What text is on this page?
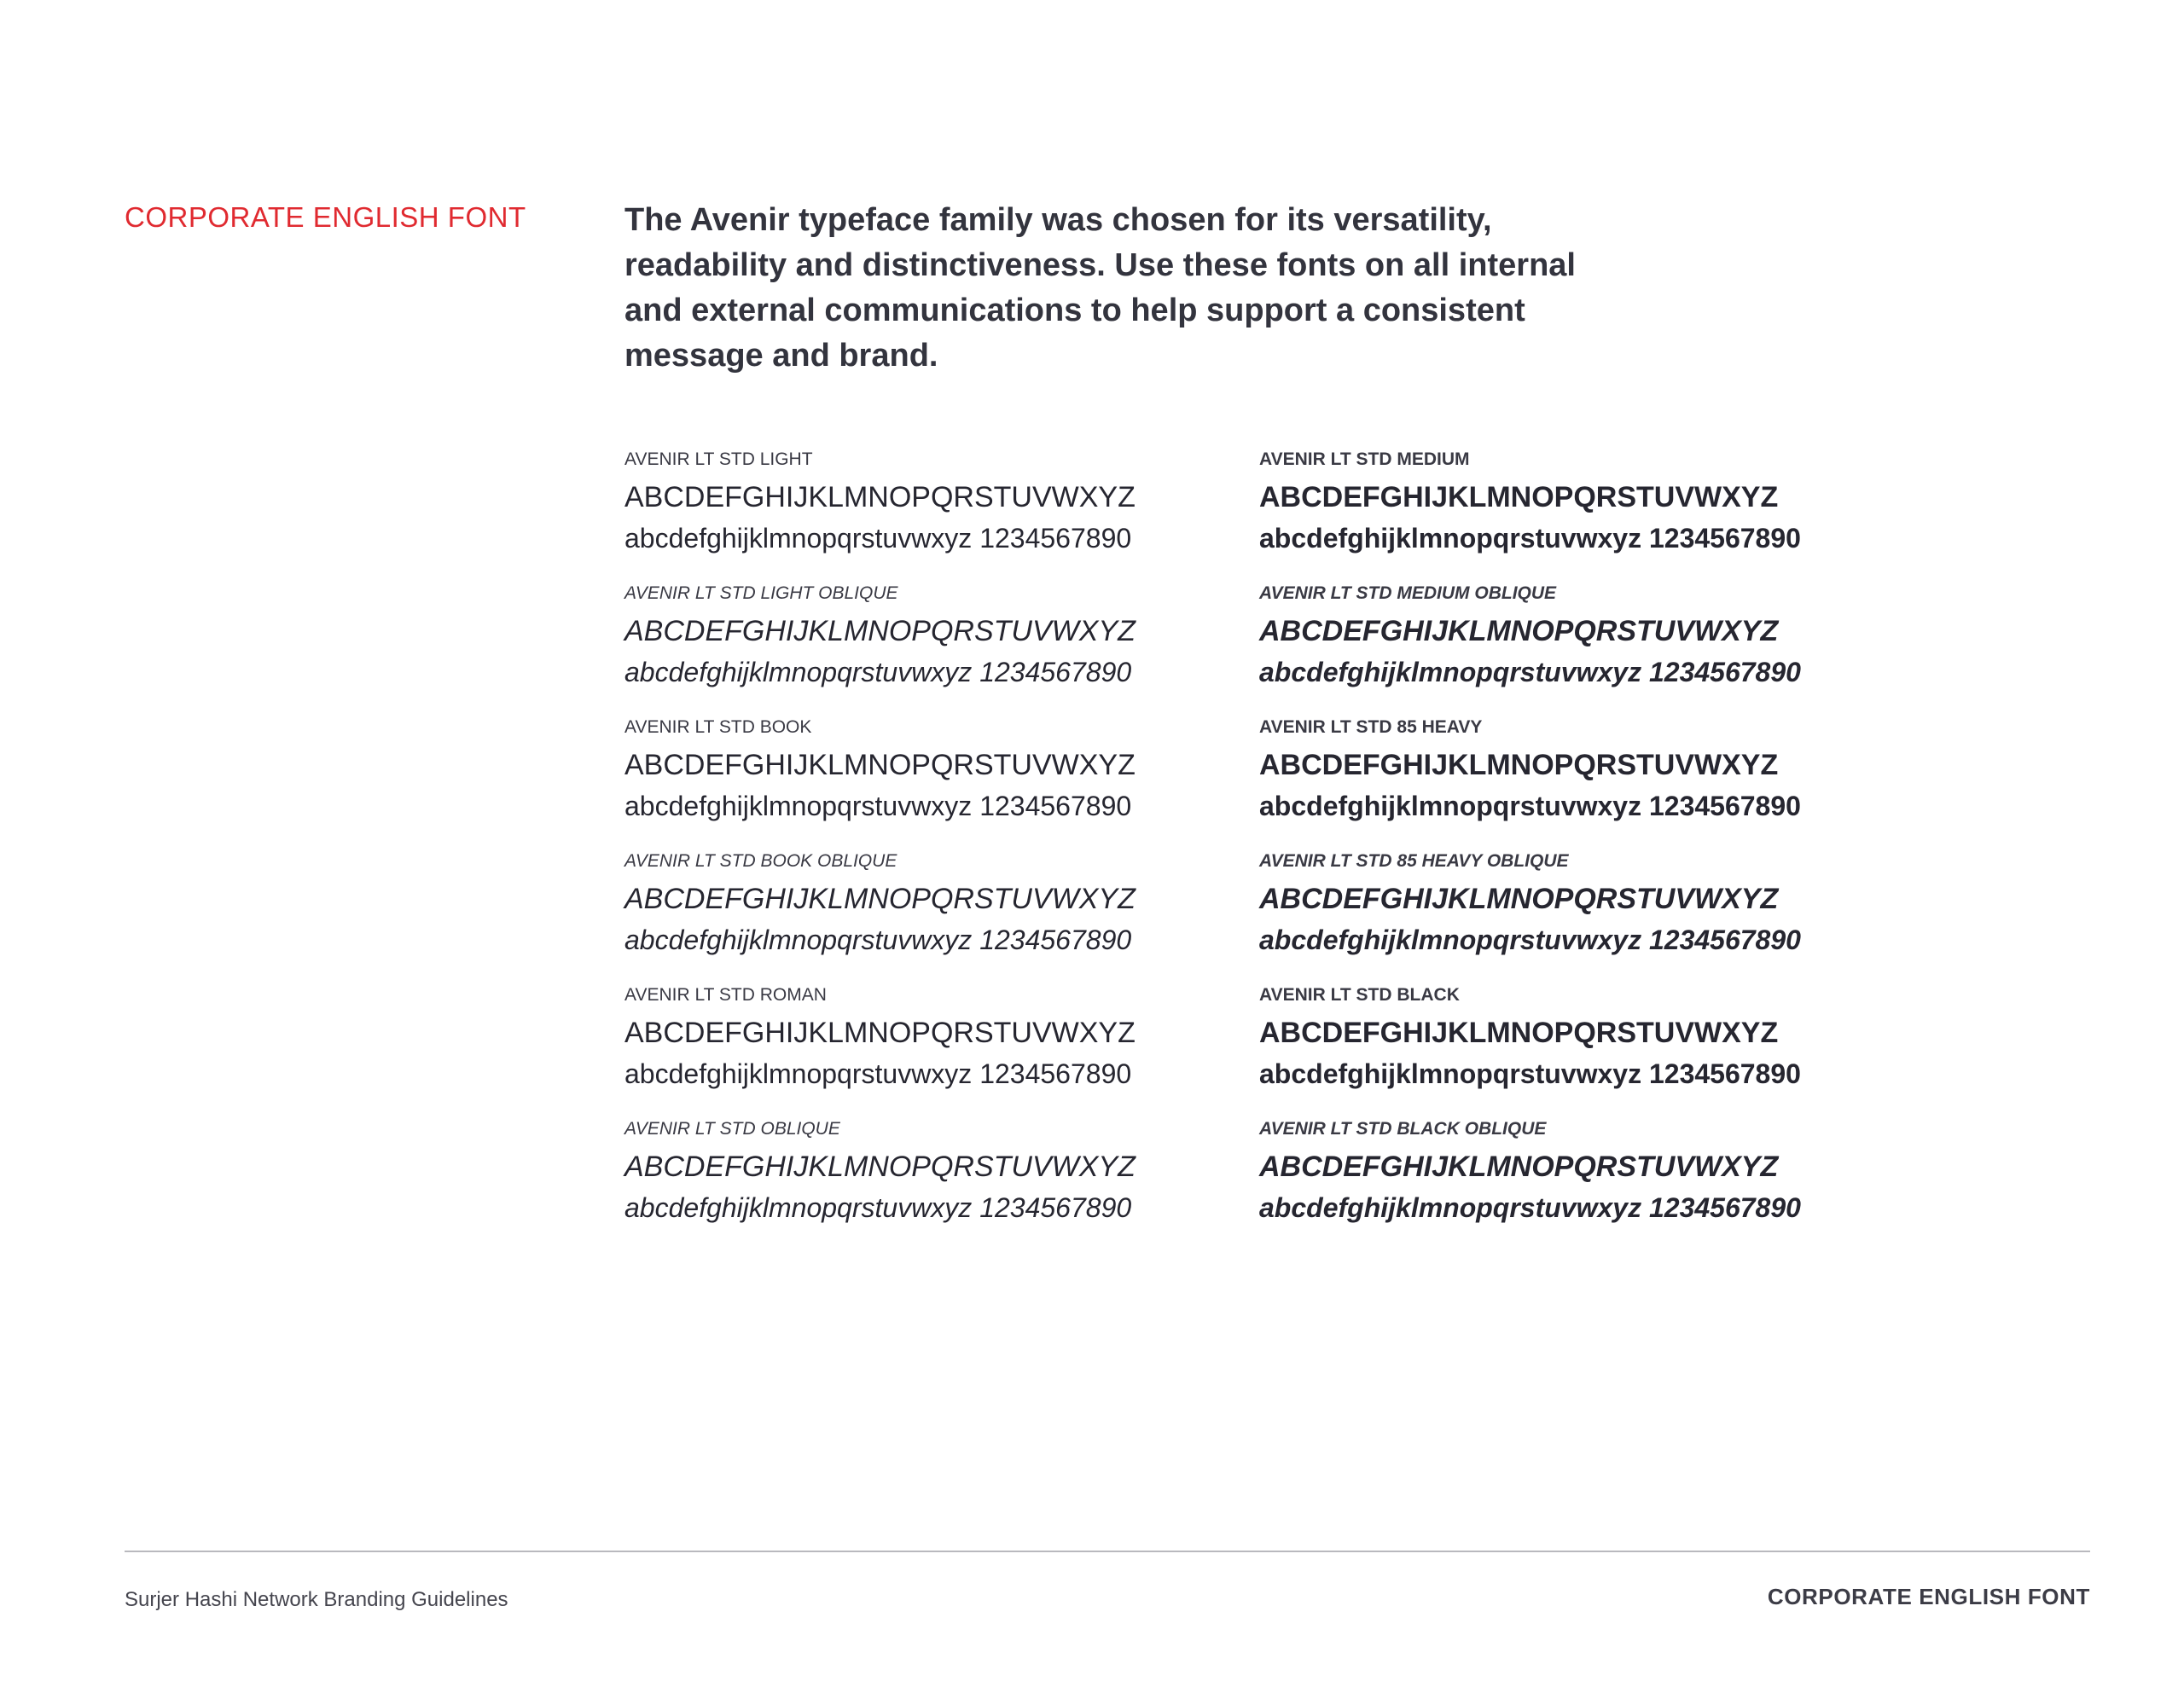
CORPORATE ENGLISH FONT	The Avenir typeface family was chosen for its versatility, readability and distinctiveness. Use these fonts on all internal and external communications to help support a consistent message and brand.
AVENIR LT STD LIGHT
ABCDEFGHIJKLMNOPQRSTUVWXYZ
abcdefghijklmnopqrstuvwxyz 1234567890
AVENIR LT STD LIGHT OBLIQUE
ABCDEFGHIJKLMNOPQRSTUVWXYZ
abcdefghijklmnopqrstuvwxyz 1234567890
AVENIR LT STD BOOK
ABCDEFGHIJKLMNOPQRSTUVWXYZ
abcdefghijklmnopqrstuvwxyz 1234567890
AVENIR LT STD BOOK OBLIQUE
ABCDEFGHIJKLMNOPQRSTUVWXYZ
abcdefghijklmnopqrstuvwxyz 1234567890
AVENIR LT STD ROMAN
ABCDEFGHIJKLMNOPQRSTUVWXYZ
abcdefghijklmnopqrstuvwxyz 1234567890
AVENIR LT STD OBLIQUE
ABCDEFGHIJKLMNOPQRSTUVWXYZ
abcdefghijklmnopqrstuvwxyz 1234567890
AVENIR LT STD MEDIUM
ABCDEFGHIJKLMNOPQRSTUVWXYZ
abcdefghijklmnopqrstuvwxyz 1234567890
AVENIR LT STD MEDIUM OBLIQUE
ABCDEFGHIJKLMNOPQRSTUVWXYZ
abcdefghijklmnopqrstuvwxyz 1234567890
AVENIR LT STD 85 HEAVY
ABCDEFGHIJKLMNOPQRSTUVWXYZ
abcdefghijklmnopqrstuvwxyz 1234567890
AVENIR LT STD 85 HEAVY OBLIQUE
ABCDEFGHIJKLMNOPQRSTUVWXYZ
abcdefghijklmnopqrstuvwxyz 1234567890
AVENIR LT STD BLACK
ABCDEFGHIJKLMNOPQRSTUVWXYZ
abcdefghijklmnopqrstuvwxyz 1234567890
AVENIR LT STD BLACK OBLIQUE
ABCDEFGHIJKLMNOPQRSTUVWXYZ
abcdefghijklmnopqrstuvwxyz 1234567890
Surjer Hashi Network Branding Guidelines	CORPORATE ENGLISH FONT
